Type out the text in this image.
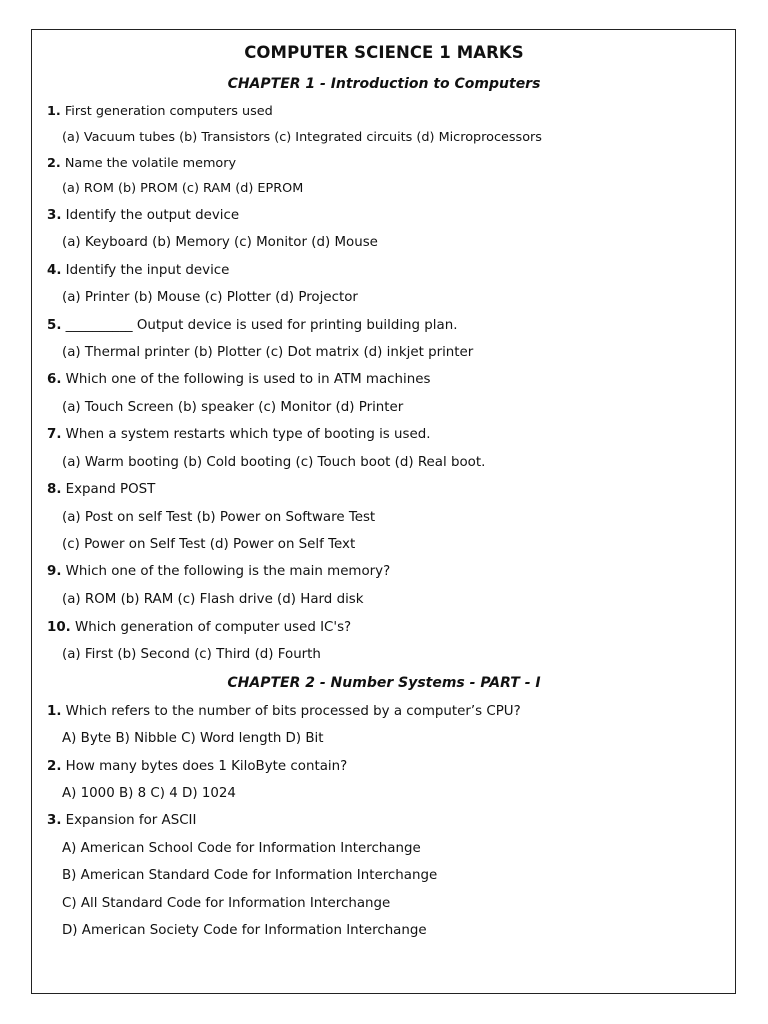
COMPUTER SCIENCE 1 MARKS
CHAPTER 1 - Introduction to Computers
1. First generation computers used
(a) Vacuum tubes (b) Transistors (c) Integrated circuits (d) Microprocessors
2. Name the volatile memory
(a) ROM (b) PROM (c) RAM (d) EPROM
3. Identify the output device
(a) Keyboard (b) Memory (c) Monitor (d) Mouse
4. Identify the input device
(a) Printer (b) Mouse (c) Plotter (d) Projector
5. __________ Output device is used for printing building plan.
(a) Thermal printer (b) Plotter (c) Dot matrix (d) inkjet printer
6. Which one of the following is used to in ATM machines
(a) Touch Screen (b) speaker (c) Monitor (d) Printer
7. When a system restarts which type of booting is used.
(a) Warm booting (b) Cold booting (c) Touch boot (d) Real boot.
8. Expand POST
(a) Post on self Test (b) Power on Software Test
(c) Power on Self Test (d) Power on Self Text
9. Which one of the following is the main memory?
(a) ROM (b) RAM (c) Flash drive (d) Hard disk
10. Which generation of computer used IC's?
(a) First (b) Second (c) Third (d) Fourth
CHAPTER 2 - Number Systems - PART - I
1. Which refers to the number of bits processed by a computer’s CPU?
A) Byte B) Nibble C) Word length D) Bit
2. How many bytes does 1 KiloByte contain?
A) 1000 B) 8 C) 4 D) 1024
3. Expansion for ASCII
A) American School Code for Information Interchange
B) American Standard Code for Information Interchange
C) All Standard Code for Information Interchange
D) American Society Code for Information Interchange
